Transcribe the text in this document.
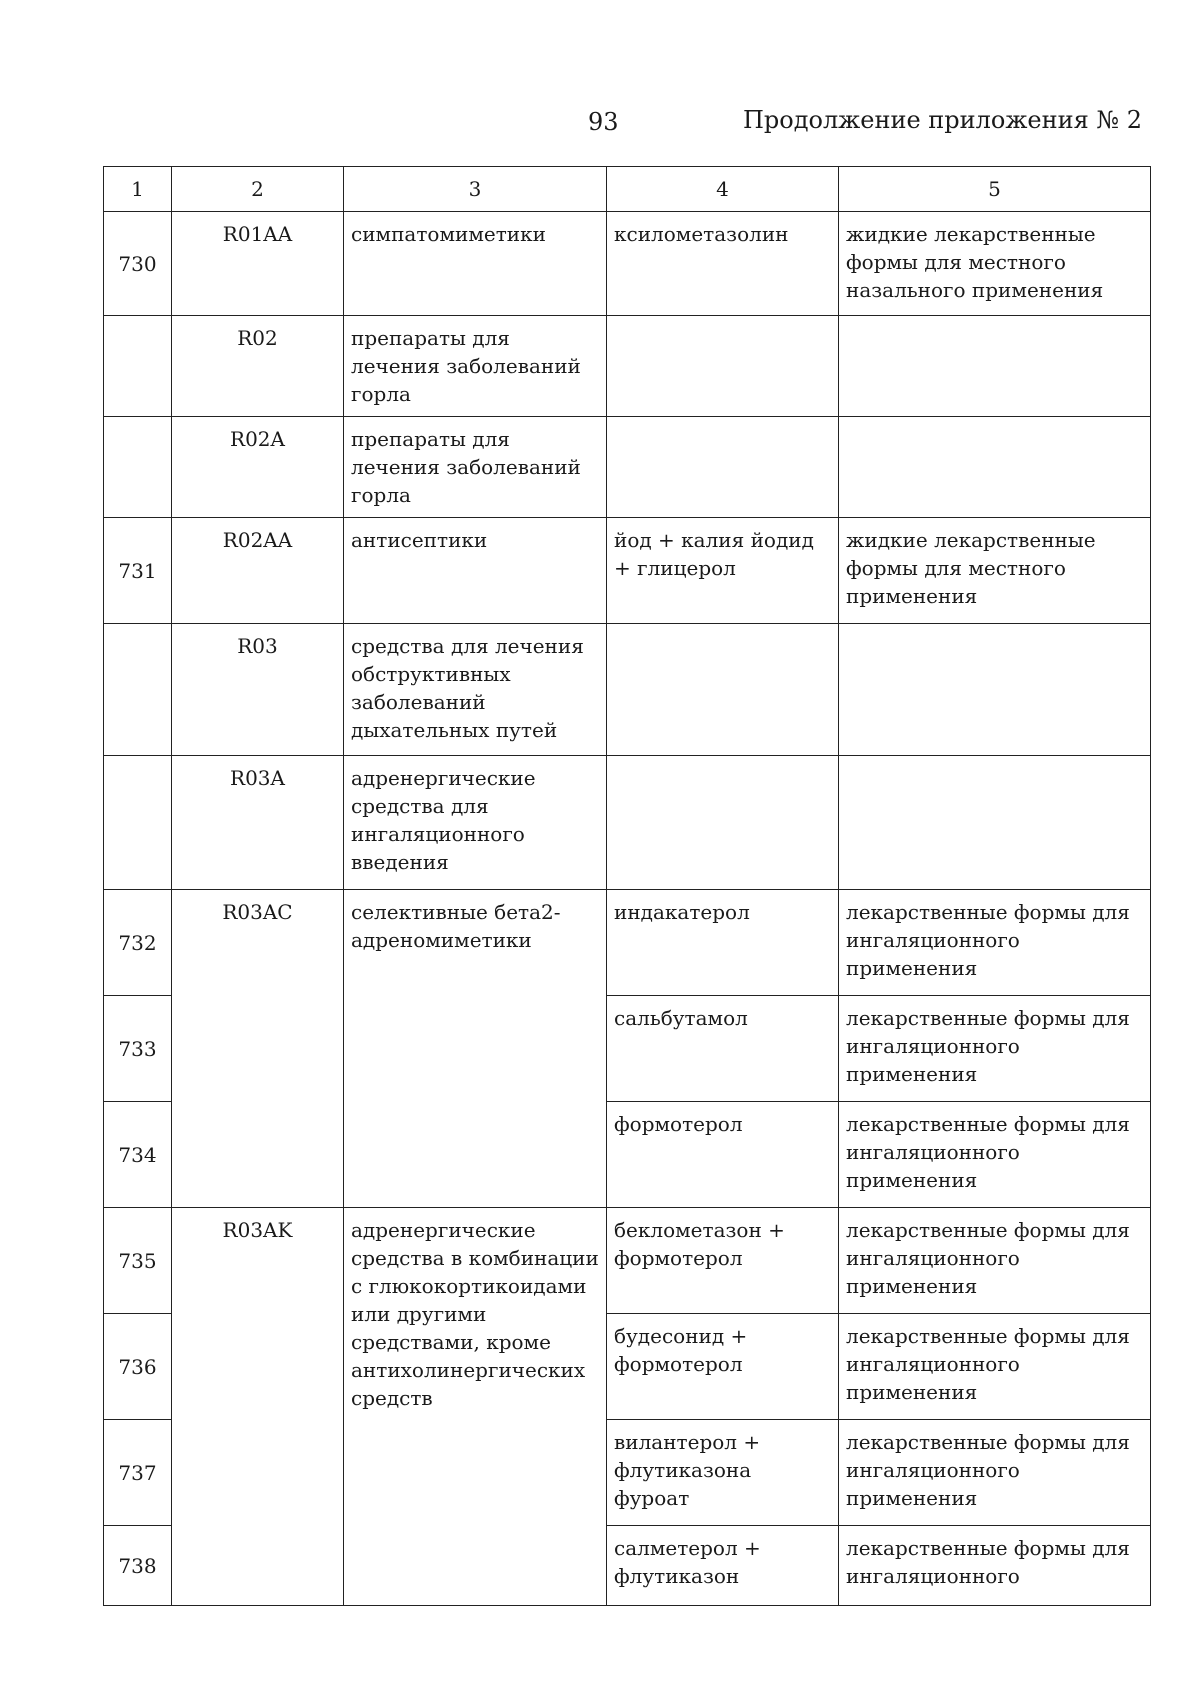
93	Продолжение приложения № 2
1	2	3	4	5
730	R01AA	симпатомиметики	ксилометазолин	жидкие лекарственные формы для местного назального применения
	R02	препараты для лечения заболеваний горла		
	R02A	препараты для лечения заболеваний горла		
731	R02AA	антисептики	йод + калия йодид + глицерол	жидкие лекарственные формы для местного применения
	R03	средства для лечения обструктивных заболеваний дыхательных путей		
	R03A	адренергические средства для ингаляционного введения		
732	R03AC	селективные бета2-адреномиметики	индакатерол	лекарственные формы для ингаляционного применения
733			сальбутамол	лекарственные формы для ингаляционного применения
734			формотерол	лекарственные формы для ингаляционного применения
735	R03AK	адренергические средства в комбинации с глюкокортикоидами или другими средствами, кроме антихолинергических средств	беклометазон + формотерол	лекарственные формы для ингаляционного применения
736			будесонид + формотерол	лекарственные формы для ингаляционного применения
737			вилантерол + флутиказона фуроат	лекарственные формы для ингаляционного применения
738			салметерол + флутиказон	лекарственные формы для ингаляционного
